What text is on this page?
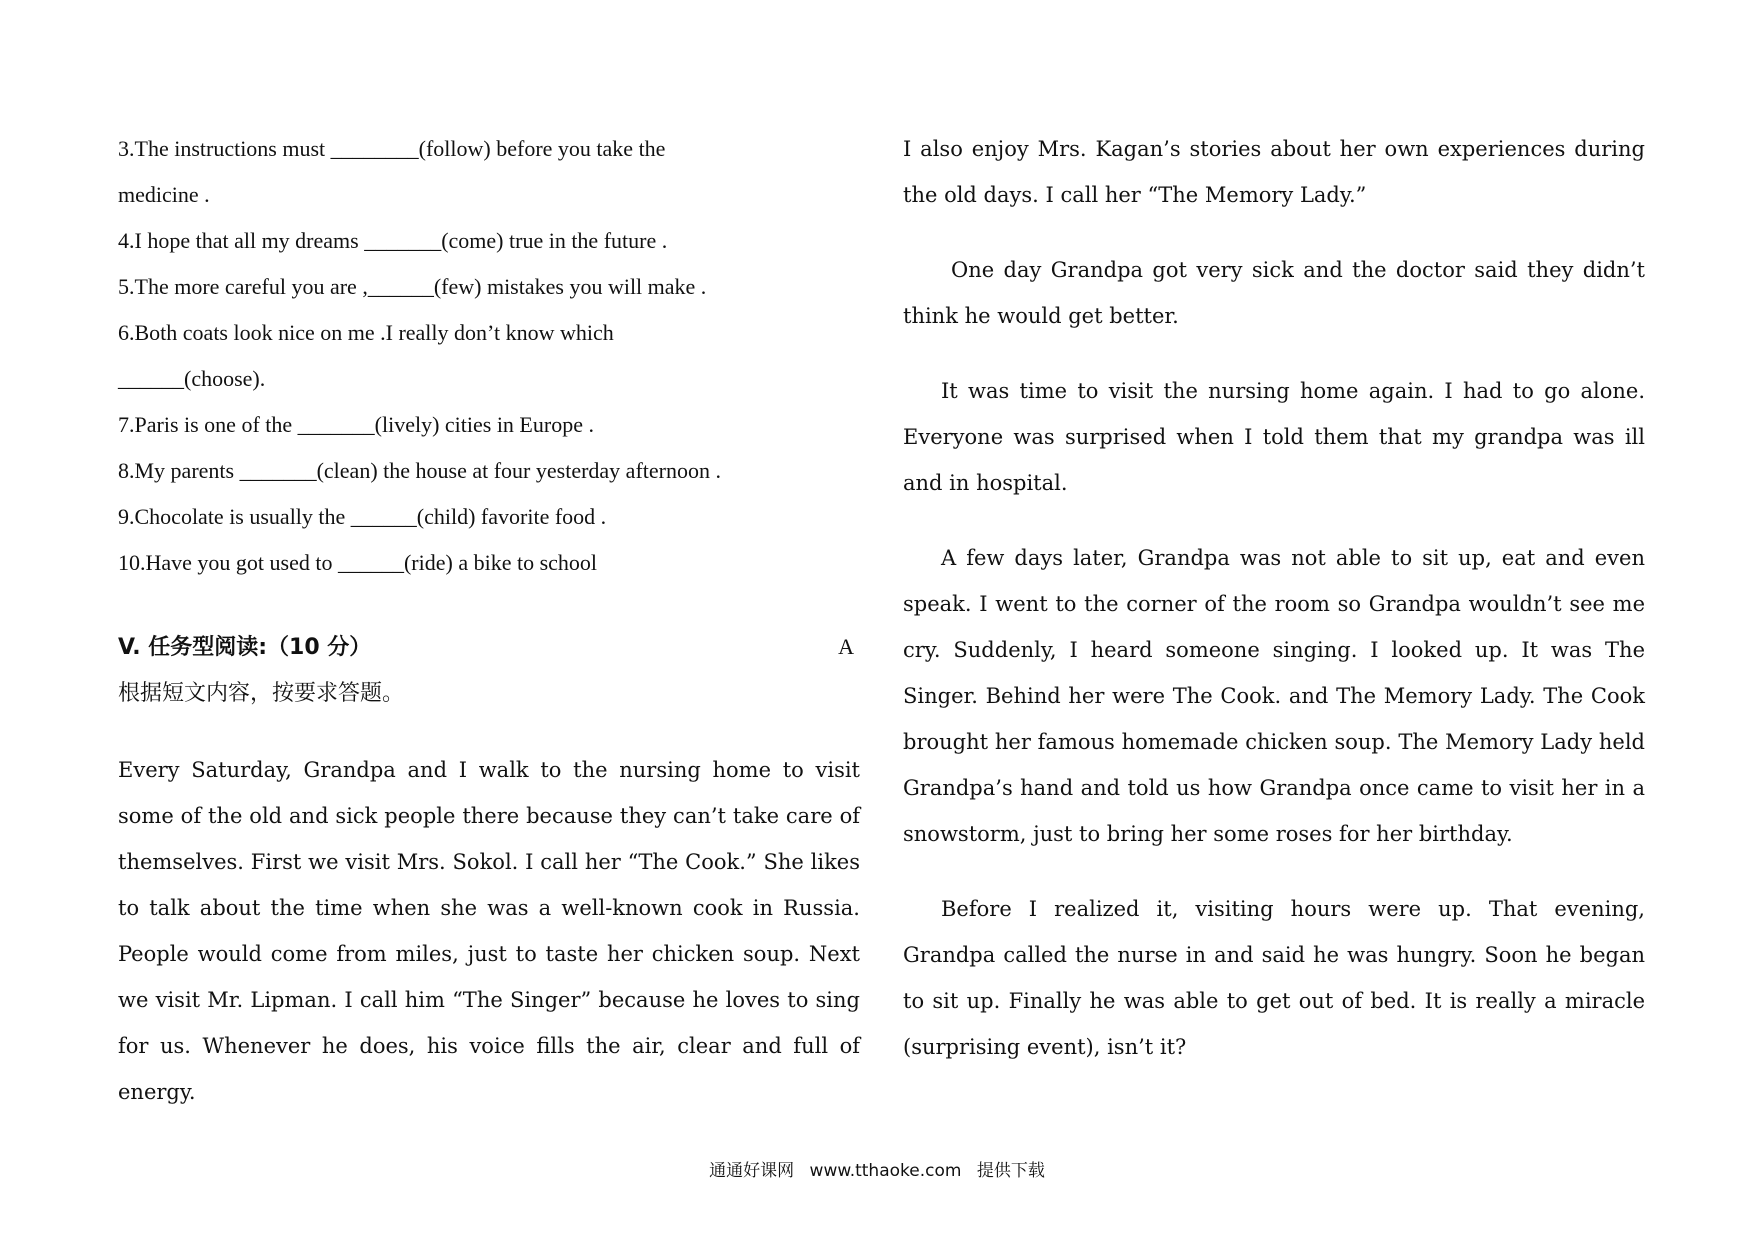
3.The instructions must ________(follow) before you take the medicine .

4.I hope that all my dreams _______(come) true in the future .

5.The more careful you are ,______(few) mistakes you will make .

6.Both coats look nice on me .I really don’t know which ______(choose).

7.Paris is one of the _______(lively) cities in Europe .

8.My parents _______(clean) the house at four yesterday afternoon .

9.Chocolate is usually the ______(child) favorite food .

10.Have you got used to ______(ride) a bike to school

V. 任务型阅读:（10 分）	A

根据短文内容，按要求答题。

Every Saturday, Grandpa and I walk to the nursing home to visit some of the old and sick people there because they can’t take care of themselves. First we visit Mrs. Sokol. I call her “The Cook.” She likes to talk about the time when she was a well-known cook in Russia. People would come from miles, just to taste her chicken soup. Next we visit Mr. Lipman. I call him “The Singer” because he loves to sing for us. Whenever he does, his voice fills the air, clear and full of energy.

I also enjoy Mrs. Kagan’s stories about her own experiences during the old days. I call her “The Memory Lady.”

One day Grandpa got very sick and the doctor said they didn’t think he would get better.

It was time to visit the nursing home again. I had to go alone. Everyone was surprised when I told them that my grandpa was ill and in hospital.

A few days later, Grandpa was not able to sit up, eat and even speak. I went to the corner of the room so Grandpa wouldn’t see me cry. Suddenly, I heard someone singing. I looked up. It was The Singer. Behind her were The Cook. and The Memory Lady. The Cook brought her famous homemade chicken soup. The Memory Lady held Grandpa’s hand and told us how Grandpa once came to visit her in a snowstorm, just to bring her some roses for her birthday.

Before I realized it, visiting hours were up. That evening, Grandpa called the nurse in and said he was hungry. Soon he began to sit up. Finally he was able to get out of bed. It is really a miracle (surprising event), isn’t it?

通通好课网 www.tthaoke.com 提供下载
